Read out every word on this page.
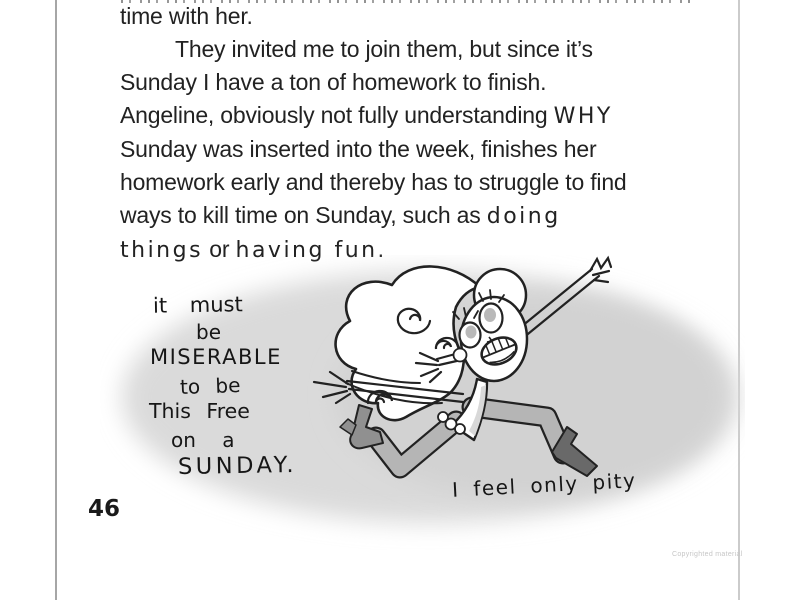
time with her.
They invited me to join them, but since it’s
Sunday I have a ton of homework to finish.
Angeline, obviously not fully understanding WHY
Sunday was inserted into the week, finishes her
homework early and thereby has to struggle to find
ways to kill time on Sunday, such as doing
things or having fun.
it must
be
MISERABLE
to be
This Free
on a
SUNDAY.
I feel only pity
46
Copyrighted material
